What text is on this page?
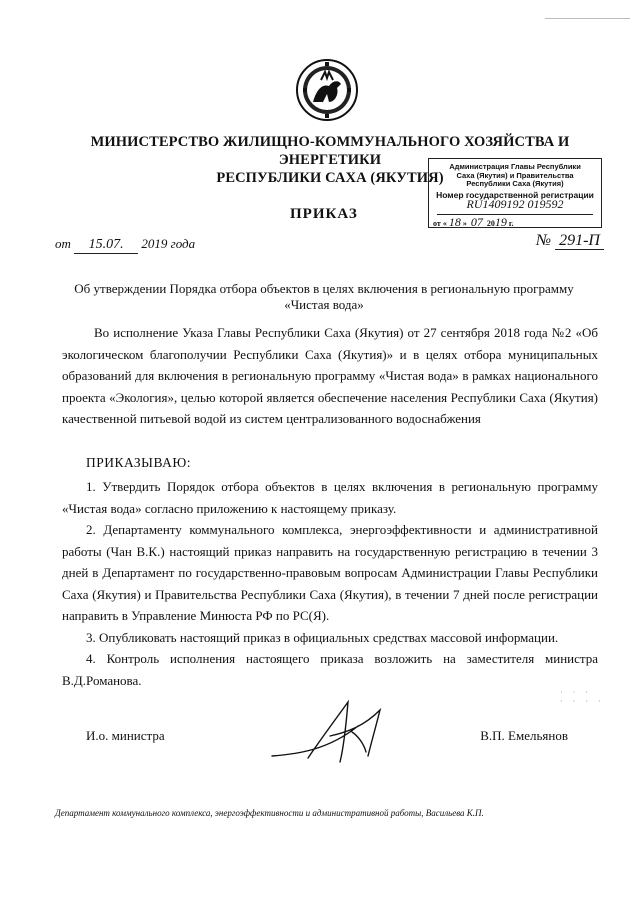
МИНИСТЕРСТВО ЖИЛИЩНО-КОММУНАЛЬНОГО ХОЗЯЙСТВА И ЭНЕРГЕТИКИ
РЕСПУБЛИКИ САХА (ЯКУТИЯ)
Администрация Главы Республики
Саха (Якутия) и Правительства
Республики Саха (Якутия)
Номер государственной регистрации
RU1409192 019592
от « 18 »  07 2019 г.
ПРИКАЗ
от 15.07. 2019 года	№ 291-П
Об утверждении Порядка отбора объектов в целях включения в региональную программу
«Чистая вода»
Во исполнение Указа Главы Республики Саха (Якутия) от 27 сентября 2018 года №2 «Об экологическом благополучии Республики Саха (Якутия)» и в целях отбора муниципальных образований для включения в региональную программу «Чистая вода» в рамках национального проекта «Экология», целью которой является обеспечение населения Республики Саха (Якутия) качественной питьевой водой из систем централизованного водоснабжения
ПРИКАЗЫВАЮ:

1. Утвердить Порядок отбора объектов в целях включения в региональную программу «Чистая вода» согласно приложению к настоящему приказу.

2. Департаменту коммунального комплекса, энергоэффективности и административной работы (Чан В.К.) настоящий приказ направить на государственную регистрацию в течении 3 дней в Департамент по государственно-правовым вопросам Администрации Главы Республики Саха (Якутия) и Правительства Республики Саха (Якутия), в течении 7 дней после регистрации направить в Управление Минюста РФ по РС(Я).

3. Опубликовать настоящий приказ в официальных средствах массовой информации.

4. Контроль исполнения настоящего приказа возложить на заместителя министра В.Д.Романова.

· · ·
· · · ·
И.о. министра	В.П. Емельянов
Департамент коммунального комплекса, энергоэффективности и административной работы, Васильева К.П.
